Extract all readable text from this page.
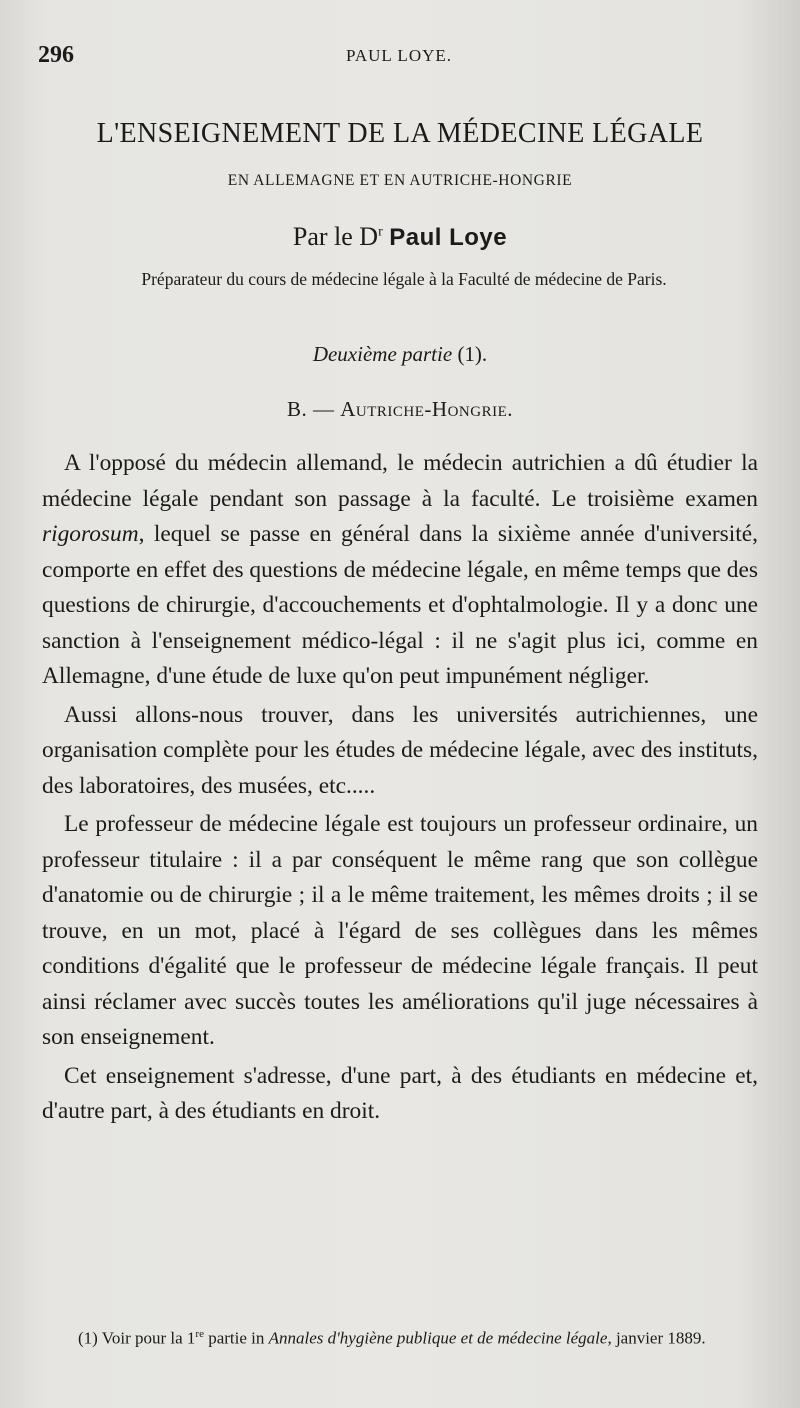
296	PAUL LOYE.
L'ENSEIGNEMENT DE LA MÉDECINE LÉGALE
EN ALLEMAGNE ET EN AUTRICHE-HONGRIE
Par le $D^r$ Paul Loye
Préparateur du cours de médecine légale à la Faculté de médecine de Paris.
Deuxième partie (1).
B. — Autriche-Hongrie.

A l'opposé du médecin allemand, le médecin autrichien a dû étudier la médecine légale pendant son passage à la faculté. Le troisième examen rigorosum, lequel se passe en général dans la sixième année d'université, comporte en effet des questions de médecine légale, en même temps que des questions de chirurgie, d'accouchements et d'ophtalmologie. Il y a donc une sanction à l'enseignement médico-légal : il ne s'agit plus ici, comme en Allemagne, d'une étude de luxe qu'on peut impunément négliger.

Aussi allons-nous trouver, dans les universités autrichiennes, une organisation complète pour les études de médecine légale, avec des instituts, des laboratoires, des musées, etc.....

Le professeur de médecine légale est toujours un professeur ordinaire, un professeur titulaire : il a par conséquent le même rang que son collègue d'anatomie ou de chirurgie ; il a le même traitement, les mêmes droits ; il se trouve, en un mot, placé à l'égard de ses collègues dans les mêmes conditions d'égalité que le professeur de médecine légale français. Il peut ainsi réclamer avec succès toutes les améliorations qu'il juge nécessaires à son enseignement.

Cet enseignement s'adresse, d'une part, à des étudiants en médecine et, d'autre part, à des étudiants en droit.

(1) Voir pour la 1re partie in Annales d'hygiène publique et de médecine légale, janvier 1889.
